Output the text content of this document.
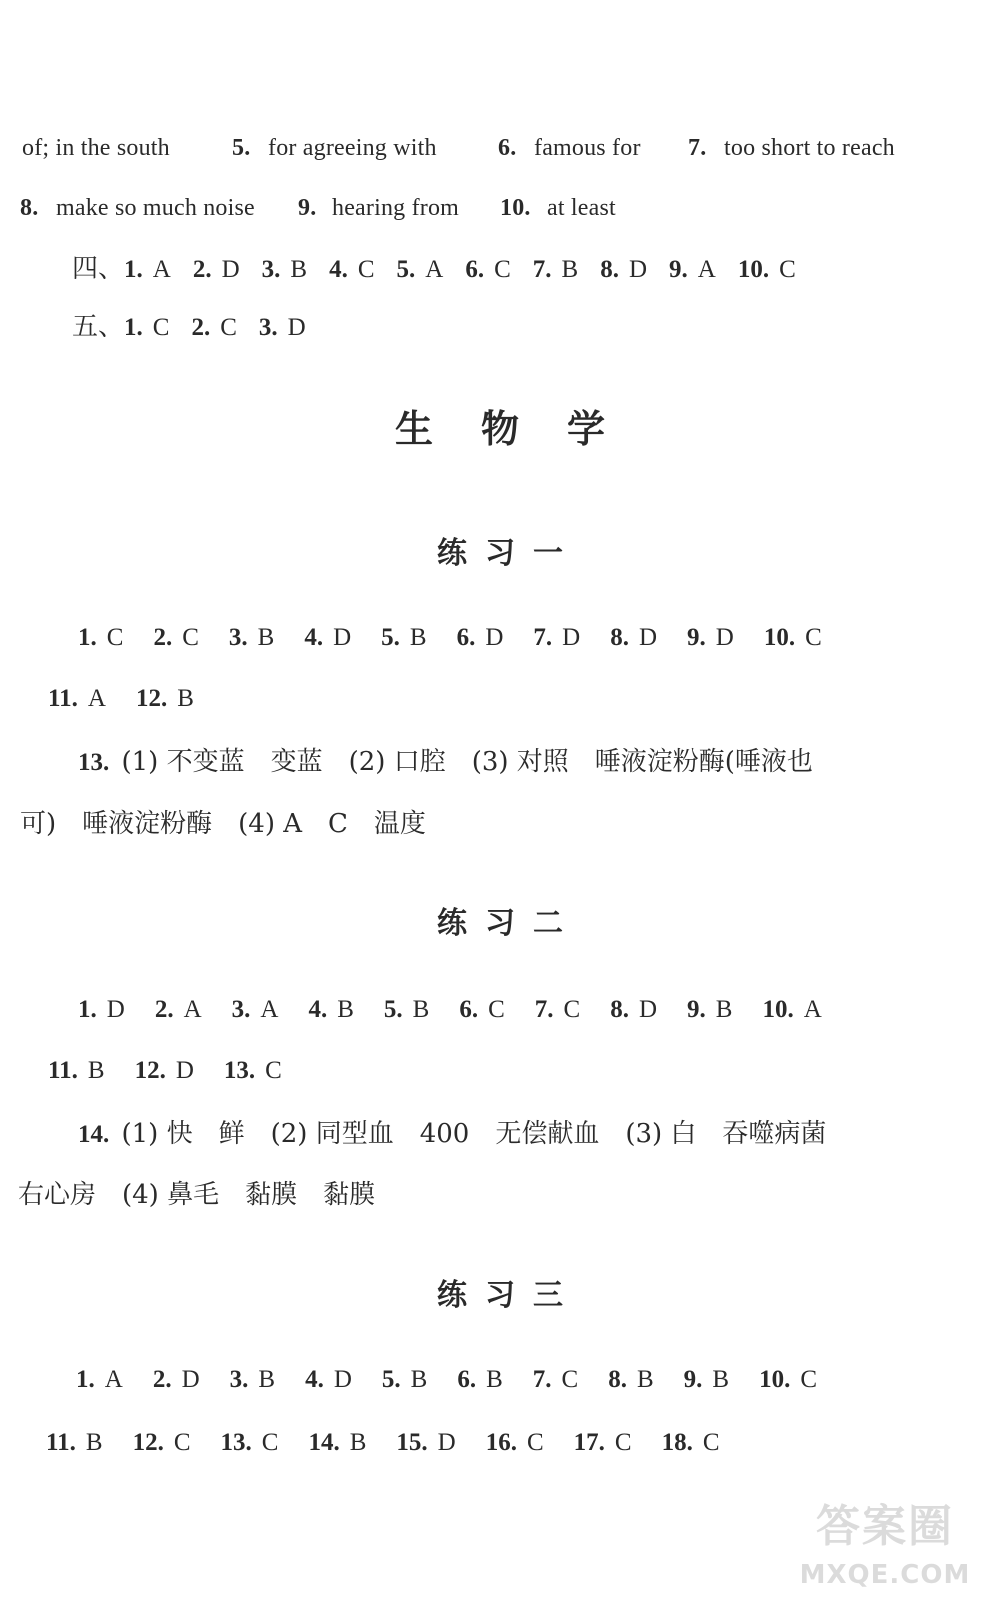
of; in the south	5. for agreeing with	6. famous for 7. too short to reach
8. make so much noise 9. hearing from 10. at least
四、1. A 2. D 3. B 4. C 5. A 6. C 7. B 8. D 9. A 10. C
五、1. C 2. C 3. D
生物学
练习一
1. C 2. C 3. B 4. D 5. B 6. D 7. D 8. D 9. D 10. C
11. A 12. B
13. (1) 不变蓝　变蓝　(2) 口腔　(3) 对照　唾液淀粉酶(唾液也
可)　唾液淀粉酶　(4) A　C　温度
练习二
1. D 2. A 3. A 4. B 5. B 6. C 7. C 8. D 9. B 10. A
11. B 12. D 13. C
14. (1) 快　鲜　(2) 同型血　400　无偿献血　(3) 白　吞噬病菌
右心房　(4) 鼻毛　黏膜　黏膜
练习三
1. A 2. D 3. B 4. D 5. B 6. B 7. C 8. B 9. B 10. C
11. B 12. C 13. C 14. B 15. D 16. C 17. C 18. C
答案圈
MXQE.COM
